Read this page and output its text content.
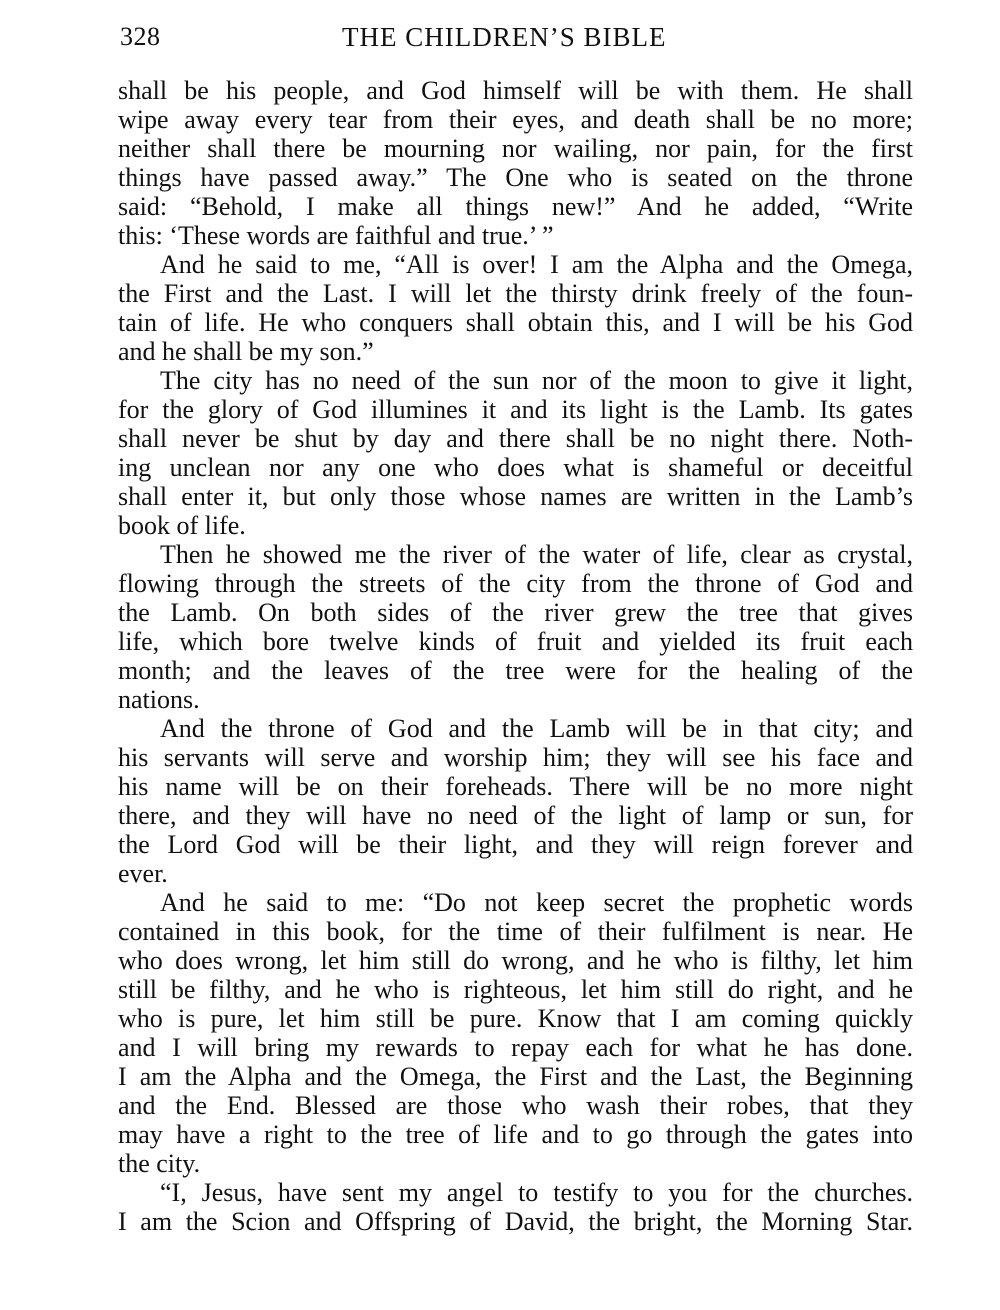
328	THE CHILDREN’S BIBLE
shall be his people, and God himself will be with them. He shall
wipe away every tear from their eyes, and death shall be no more;
neither shall there be mourning nor wailing, nor pain, for the first
things have passed away.” The One who is seated on the throne
said: “Behold, I make all things new!” And he added, “Write
this: ‘These words are faithful and true.’ ”
And he said to me, “All is over! I am the Alpha and the Omega,
the First and the Last. I will let the thirsty drink freely of the foun-
tain of life. He who conquers shall obtain this, and I will be his God
and he shall be my son.”
The city has no need of the sun nor of the moon to give it light,
for the glory of God illumines it and its light is the Lamb. Its gates
shall never be shut by day and there shall be no night there. Noth-
ing unclean nor any one who does what is shameful or deceitful
shall enter it, but only those whose names are written in the Lamb’s
book of life.
Then he showed me the river of the water of life, clear as crystal,
flowing through the streets of the city from the throne of God and
the Lamb. On both sides of the river grew the tree that gives
life, which bore twelve kinds of fruit and yielded its fruit each
month; and the leaves of the tree were for the healing of the
nations.
And the throne of God and the Lamb will be in that city; and
his servants will serve and worship him; they will see his face and
his name will be on their foreheads. There will be no more night
there, and they will have no need of the light of lamp or sun, for
the Lord God will be their light, and they will reign forever and
ever.
And he said to me: “Do not keep secret the prophetic words
contained in this book, for the time of their fulfilment is near. He
who does wrong, let him still do wrong, and he who is filthy, let him
still be filthy, and he who is righteous, let him still do right, and he
who is pure, let him still be pure. Know that I am coming quickly
and I will bring my rewards to repay each for what he has done.
I am the Alpha and the Omega, the First and the Last, the Beginning
and the End. Blessed are those who wash their robes, that they
may have a right to the tree of life and to go through the gates into
the city.
“I, Jesus, have sent my angel to testify to you for the churches.
I am the Scion and Offspring of David, the bright, the Morning Star.
